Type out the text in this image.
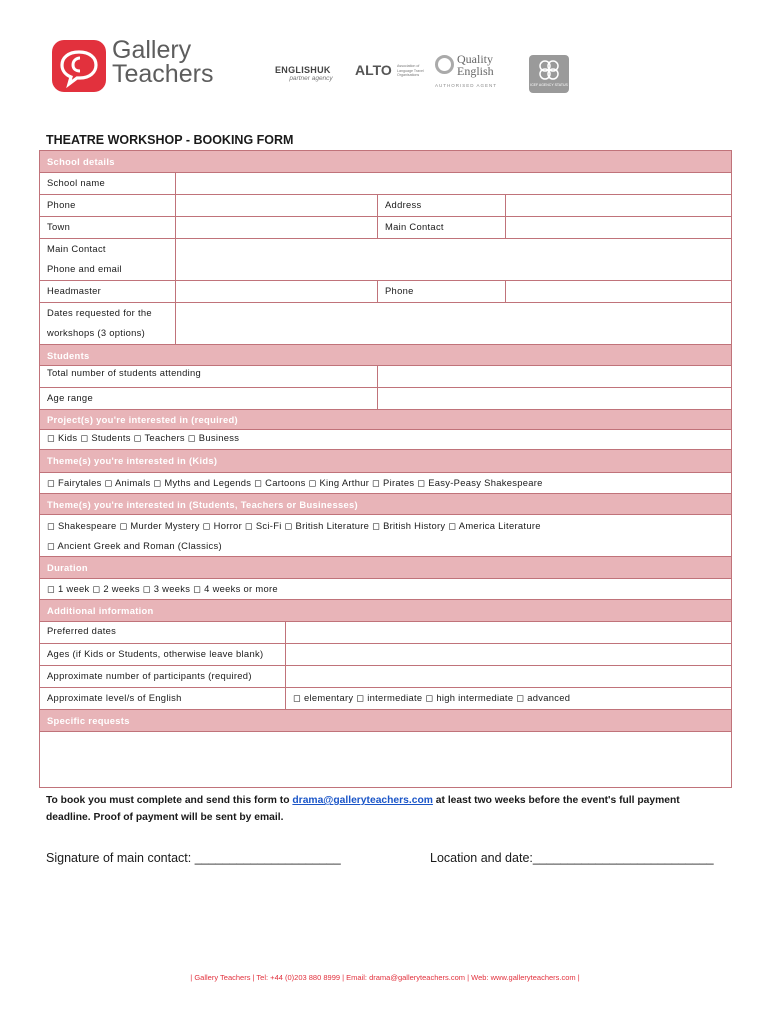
Gallery
Teachers	ENGLISHUK
partner agency
ALTO Association of Language Travel Organisations
Quality
English
AUTHORISED AGENT	ICEF AGENCY STATUS
THEATRE WORKSHOP - BOOKING FORM
School details
School name
Phone	Address
Town	Main Contact
Main Contact
Phone and email
Headmaster	Phone
Dates requested for the
workshops (3 options)
Students
Total number of students attending
Age range
Project(s) you're interested in (required)
◻ Kids ◻ Students ◻ Teachers ◻ Business
Theme(s) you're interested in (Kids)
◻ Fairytales ◻ Animals ◻ Myths and Legends ◻ Cartoons ◻ King Arthur ◻ Pirates ◻ Easy-Peasy Shakespeare
Theme(s) you're interested in (Students, Teachers or Businesses)
◻ Shakespeare ◻ Murder Mystery ◻ Horror ◻ Sci-Fi ◻ British Literature ◻ British History ◻ America Literature
◻ Ancient Greek and Roman (Classics)
Duration
◻ 1 week ◻ 2 weeks ◻ 3 weeks ◻ 4 weeks or more
Additional information
Preferred dates
Ages (if Kids or Students, otherwise leave blank)
Approximate number of participants (required)
Approximate level/s of English	◻ elementary ◻ intermediate ◻ high intermediate ◻ advanced
Specific requests
To book you must complete and send this form to drama@galleryteachers.com at least two weeks before the event's full payment deadline. Proof of payment will be sent by email.
Signature of main contact: _____________________	Location and date:__________________________
| Gallery Teachers | Tel: +44 (0)203 880 8999 | Email: drama@galleryteachers.com | Web: www.galleryteachers.com |
